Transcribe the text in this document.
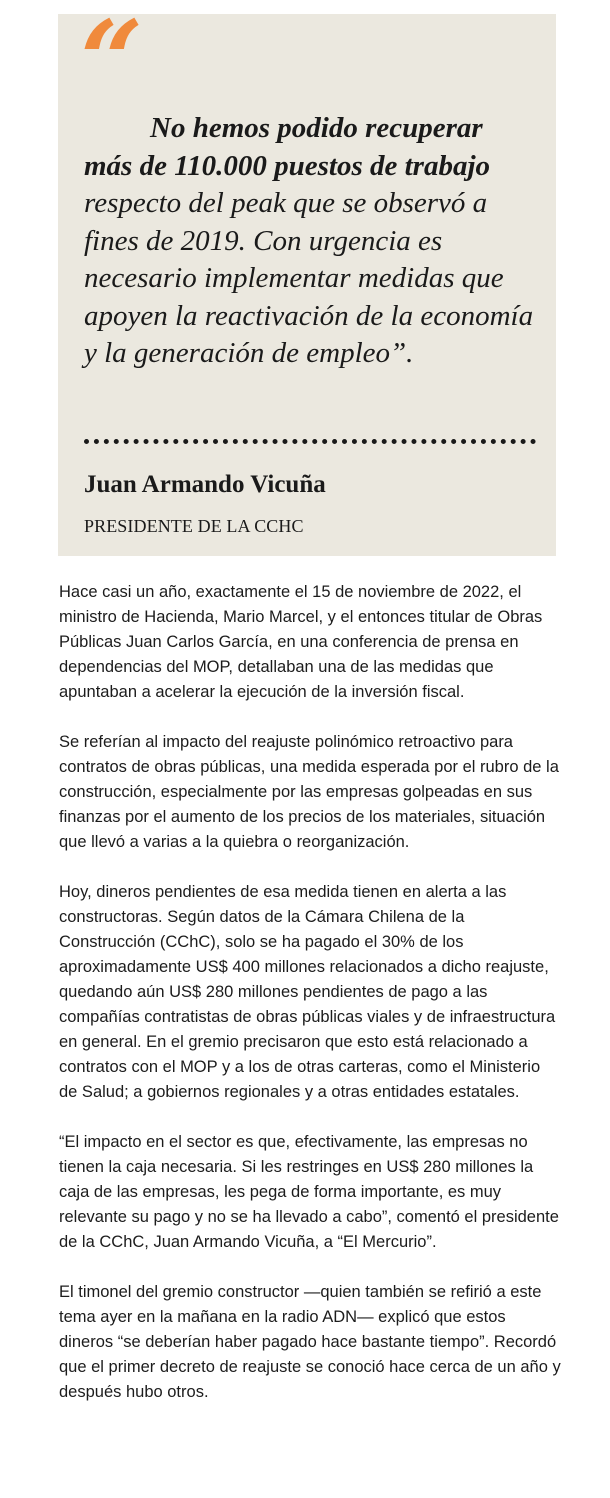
“
No hemos podido recuperar más de 110.000 puestos de trabajo respecto del peak que se observó a fines de 2019. Con urgencia es necesario implementar medidas que apoyen la reactivación de la economía y la generación de empleo”.
Juan Armando Vicuña
PRESIDENTE DE LA CCHC

Hace casi un año, exactamente el 15 de noviembre de 2022, el ministro de Hacienda, Mario Marcel, y el entonces titular de Obras Públicas Juan Carlos García, en una conferencia de prensa en dependencias del MOP, detallaban una de las medidas que apuntaban a acelerar la ejecución de la inversión fiscal.

Se referían al impacto del reajuste polinómico retroactivo para contratos de obras públicas, una medida esperada por el rubro de la construcción, especialmente por las empresas golpeadas en sus finanzas por el aumento de los precios de los materiales, situación que llevó a varias a la quiebra o reorganización.

Hoy, dineros pendientes de esa medida tienen en alerta a las constructoras. Según datos de la Cámara Chilena de la Construcción (CChC), solo se ha pagado el 30% de los aproximadamente US$ 400 millones relacionados a dicho reajuste, quedando aún US$ 280 millones pendientes de pago a las compañías contratistas de obras públicas viales y de infraestructura en general. En el gremio precisaron que esto está relacionado a contratos con el MOP y a los de otras carteras, como el Ministerio de Salud; a gobiernos regionales y a otras entidades estatales.

“El impacto en el sector es que, efectivamente, las empresas no tienen la caja necesaria. Si les restringes en US$ 280 millones la caja de las empresas, les pega de forma importante, es muy relevante su pago y no se ha llevado a cabo”, comentó el presidente de la CChC, Juan Armando Vicuña, a “El Mercurio”.

El timonel del gremio constructor —quien también se refirió a este tema ayer en la mañana en la radio ADN— explicó que estos dineros “se deberían haber pagado hace bastante tiempo”. Recordó que el primer decreto de reajuste se conoció hace cerca de un año y después hubo otros.
